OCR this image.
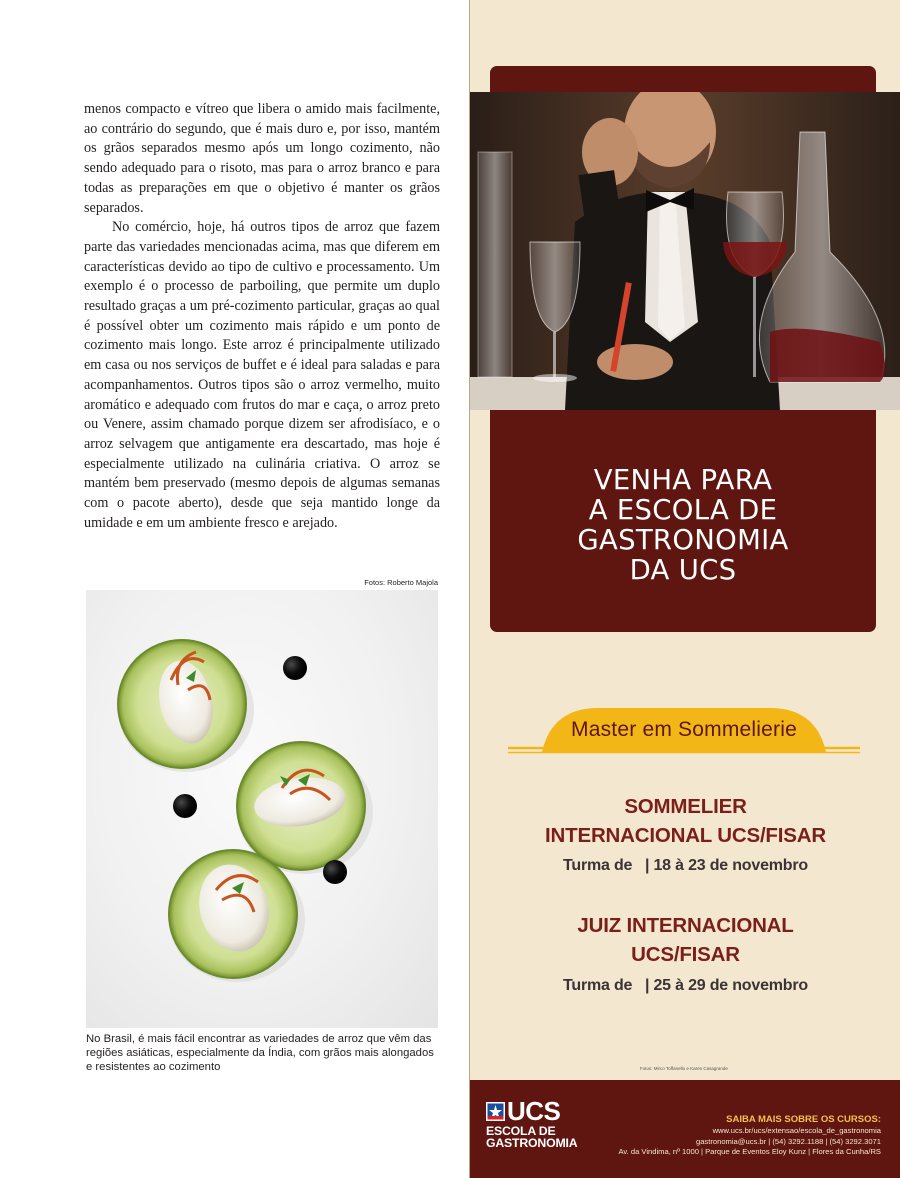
menos compacto e vítreo que libera o amido mais facilmente, ao contrário do segundo, que é mais duro e, por isso, mantém os grãos separados mesmo após um longo cozimento, não sendo adequado para o risoto, mas para o arroz branco e para todas as preparações em que o objetivo é manter os grãos separados.

No comércio, hoje, há outros tipos de arroz que fazem parte das variedades mencionadas acima, mas que diferem em características devido ao tipo de cultivo e processamento. Um exemplo é o processo de parboiling, que permite um duplo resultado graças a um pré-cozimento particular, graças ao qual é possível obter um cozimento mais rápido e um ponto de cozimento mais longo. Este arroz é principalmente utilizado em casa ou nos serviços de buffet e é ideal para saladas e para acompanhamentos. Outros tipos são o arroz vermelho, muito aromático e adequado com frutos do mar e caça, o arroz preto ou Venere, assim chamado porque dizem ser afrodisíaco, e o arroz selvagem que antigamente era descartado, mas hoje é especialmente utilizado na culinária criativa. O arroz se mantém bem preservado (mesmo depois de algumas semanas com o pacote aberto), desde que seja mantido longe da umidade e em um ambiente fresco e arejado.

Fotos: Roberto Majola
No Brasil, é mais fácil encontrar as variedades de arroz que vêm das regiões asiáticas, especialmente da Índia, com grãos mais alongados e resistentes ao cozimento
VENHA PARA
A ESCOLA DE
GASTRONOMIA
DA UCS
Master em Sommelierie
SOMMELIER
INTERNACIONAL UCS/FISAR
Turma de   | 18 à 23 de novembro
JUIZ INTERNACIONAL
UCS/FISAR
Turma de   | 25 à 29 de novembro
Fotos: Mirco Toffanello e Karen Casagrande
UCS
ESCOLA DE
GASTRONOMIA
SAIBA MAIS SOBRE OS CURSOS:
www.ucs.br/ucs/extensao/escola_de_gastronomia
gastronomia@ucs.br | (54) 3292.1188 | (54) 3292.3071
Av. da Vindima, nº 1000 | Parque de Eventos Eloy Kunz | Flores da Cunha/RS
